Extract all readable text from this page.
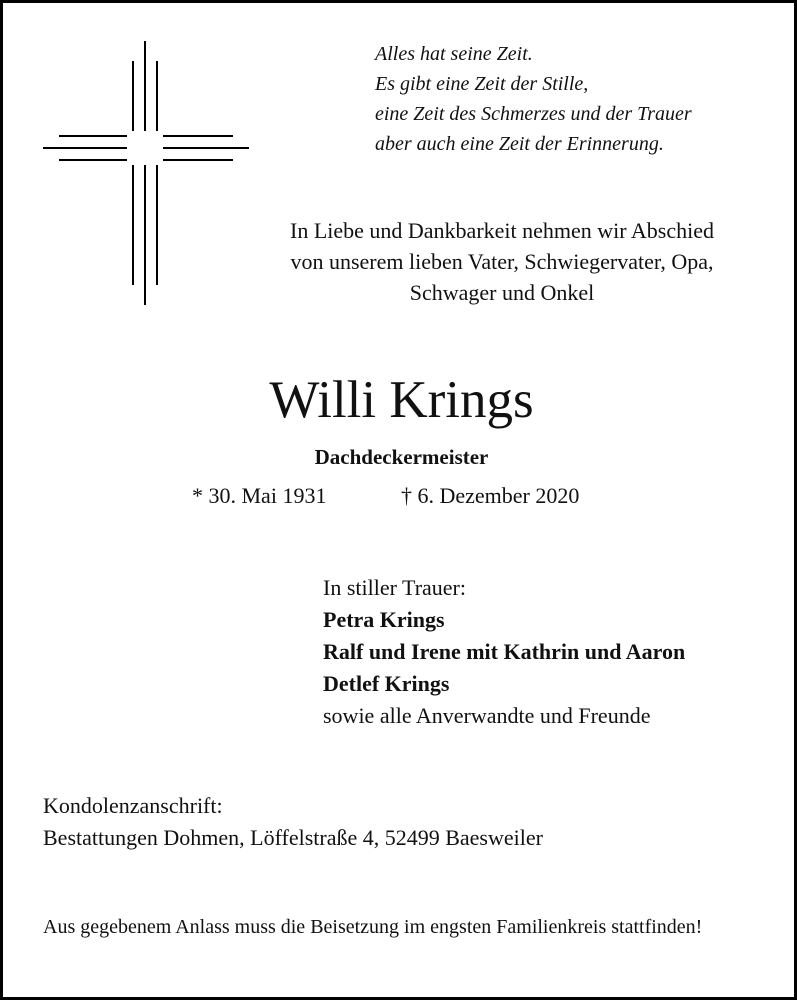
Alles hat seine Zeit.
Es gibt eine Zeit der Stille,
eine Zeit des Schmerzes und der Trauer
aber auch eine Zeit der Erinnerung.
In Liebe und Dankbarkeit nehmen wir Abschied
von unserem lieben Vater, Schwiegervater, Opa,
Schwager und Onkel
Willi Krings
Dachdeckermeister
* 30. Mai 1931	† 6. Dezember 2020
In stiller Trauer:
Petra Krings
Ralf und Irene mit Kathrin und Aaron
Detlef Krings
sowie alle Anverwandte und Freunde
Kondolenzanschrift:
Bestattungen Dohmen, Löffelstraße 4, 52499 Baesweiler
Aus gegebenem Anlass muss die Beisetzung im engsten Familienkreis stattfinden!
